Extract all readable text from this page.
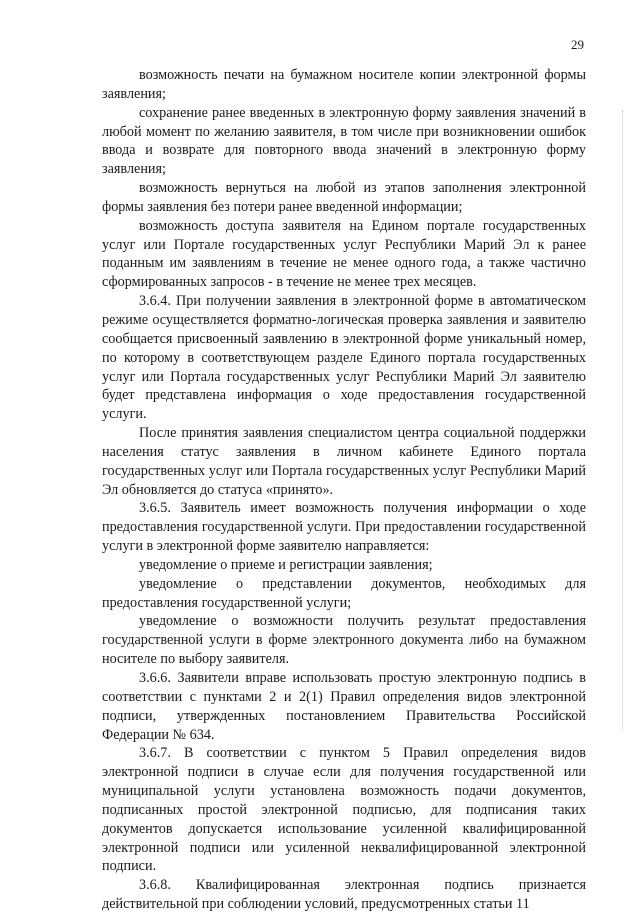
29

возможность печати на бумажном носителе копии электронной формы заявления;

сохранение ранее введенных в электронную форму заявления значений в любой момент по желанию заявителя, в том числе при возникновении ошибок ввода и возврате для повторного ввода значений в электронную форму заявления;

возможность вернуться на любой из этапов заполнения электронной формы заявления без потери ранее введенной информации;

возможность доступа заявителя на Едином портале государственных услуг или Портале государственных услуг Республики Марий Эл к ранее поданным им заявлениям в течение не менее одного года, а также частично сформированных запросов - в течение не менее трех месяцев.

3.6.4. При получении заявления в электронной форме в автоматическом режиме осуществляется форматно-логическая проверка заявления и заявителю сообщается присвоенный заявлению в электронной форме уникальный номер, по которому в соответствующем разделе Единого портала государственных услуг или Портала государственных услуг Республики Марий Эл заявителю будет представлена информация о ходе предоставления государственной услуги.

После принятия заявления специалистом центра социальной поддержки населения статус заявления в личном кабинете Единого портала государственных услуг или Портала государственных услуг Республики Марий Эл обновляется до статуса «принято».

3.6.5. Заявитель имеет возможность получения информации о ходе предоставления государственной услуги. При предоставлении государственной услуги в электронной форме заявителю направляется:

уведомление о приеме и регистрации заявления;

уведомление о представлении документов, необходимых для предоставления государственной услуги;

уведомление о возможности получить результат предоставления государственной услуги в форме электронного документа либо на бумажном носителе по выбору заявителя.

3.6.6. Заявители вправе использовать простую электронную подпись в соответствии с пунктами 2 и 2(1) Правил определения видов электронной подписи, утвержденных постановлением Правительства Российской Федерации № 634.

3.6.7. В соответствии с пунктом 5 Правил определения видов электронной подписи в случае если для получения государственной или муниципальной услуги установлена возможность подачи документов, подписанных простой электронной подписью, для подписания таких документов допускается использование усиленной квалифицированной электронной подписи или усиленной неквалифицированной электронной подписи.

3.6.8. Квалифицированная электронная подпись признается действительной при соблюдении условий, предусмотренных статьи 11
